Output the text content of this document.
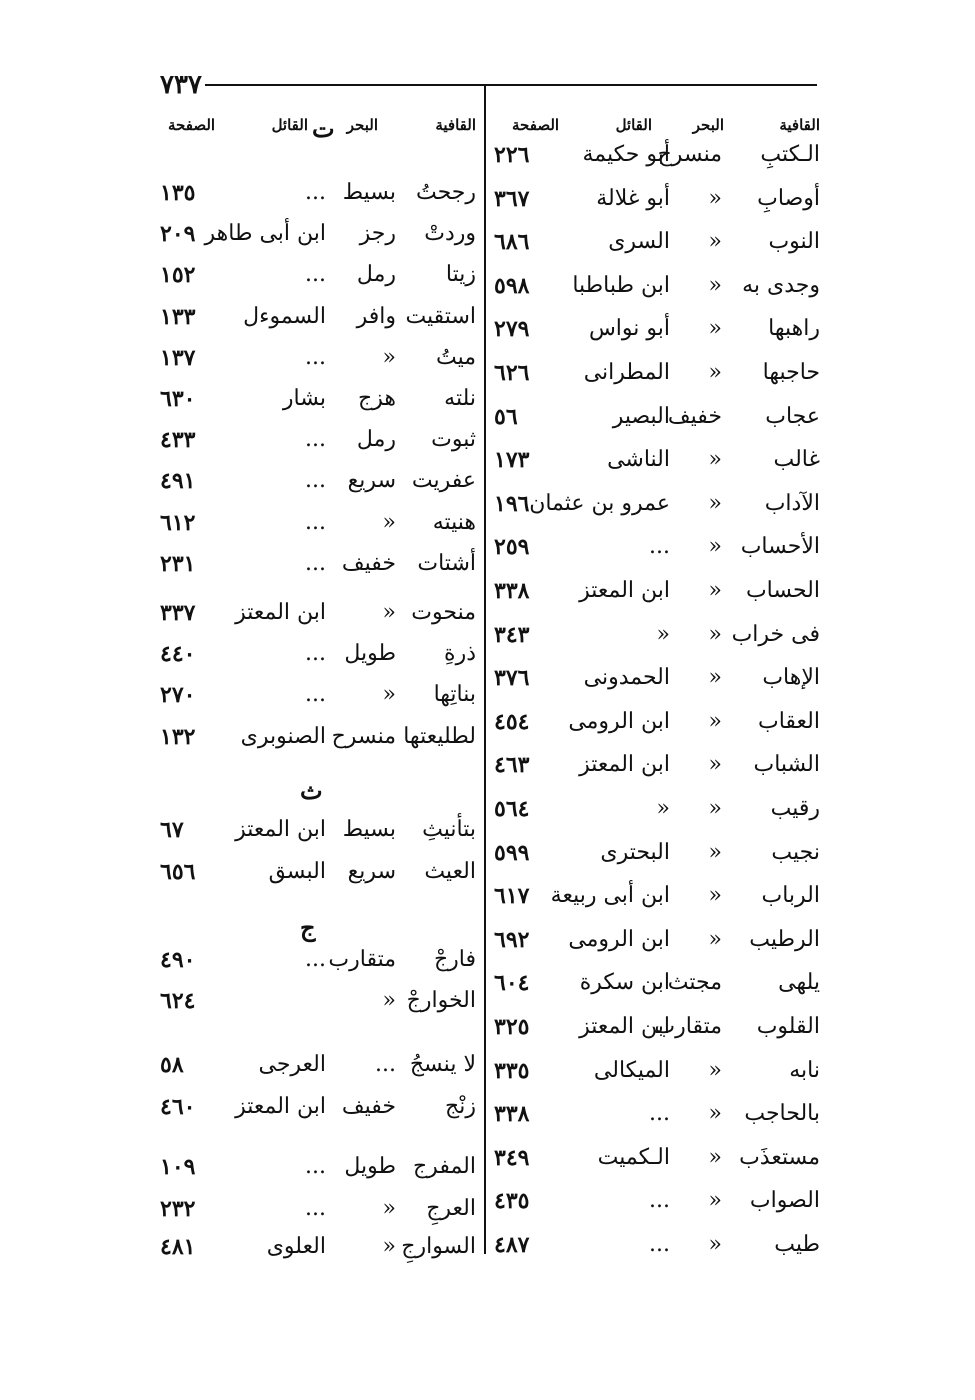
٧٣٧
القافية
البحر
القائل
الصفحة
الـكتبِ
منسرح
أبو حكيمة
٢٢٦
أوصابِ
«
أبو غلالة
٣٦٧
النوب
«
السرى
٦٨٦
وجدى به
«
ابن طباطبا
٥٩٨
راهبها
«
أبو نواس
٢٧٩
حاجبها
«
المطرانى
٦٢٦
عجاب
خفيف
البصير
٥٦
غالب
«
الناشى
١٧٣
الآداب
«
عمرو بن عثمان
١٩٦
الأحساب
«
...
٢٥٩
الحساب
«
ابن المعتز
٣٣٨
فى خراب
«
«
٣٤٣
الإهاب
«
الحمدونى
٣٧٦
العقاب
«
ابن الرومى
٤٥٤
الشباب
«
ابن المعتز
٤٦٣
رقيب
«
«
٥٦٤
نجيب
«
البحترى
٥٩٩
الرباب
«
ابن أبى ربيعة
٦١٧
الرطيب
«
ابن الرومى
٦٩٢
يلهى
مجتث
ابن سكرة
٦٠٤
القلوب
متقارب
ابن المعتز
٣٢٥
نابه
«
الميكالى
٣٣٥
بالحاجب
«
...
٣٣٨
مستعذَب
«
الـكميت
٣٤٩
الصواب
«
...
٤٣٥
طيب
«
...
٤٨٧
القافية
البحر
القائل
الصفحة	ت
رجحتُ
بسيط
...
١٣٥
وردتْ
رجز
ابن أبى طاهر
٢٠٩
زيتا
رمل
...
١٥٢
استقيت
وافر
السموءل
١٣٣
ميتُ
«
...
١٣٧
نلته
هزج
بشار
٦٣٠
ثبوت
رمل
...
٤٣٣
عفريت
سريع
...
٤٩١
هنيته
«
...
٦١٢
أشتات
خفيف
...
٢٣١
منحوت
«
ابن المعتز
٣٣٧
ذرةِ
طويل
...
٤٤٠
بناتِها
«
...
٢٧٠
لطليعتها
منسرح
الصنوبرى
١٣٢
ث
بتأنيثِ
بسيط
ابن المعتز
٦٧
العيث
سريع
البسق
٦٥٦
ج
فارجْ
متقارب
...
٤٩٠
الخوارجْ
«
٦٢٤
لا ينسجُ
...
العرجى
٥٨
زنْج
خفيف
ابن المعتز
٤٦٠
المفرج
طويل
...
١٠٩
العرجِ
«
...
٢٣٢
السوارجِ
«
العلوى
٤٨١
